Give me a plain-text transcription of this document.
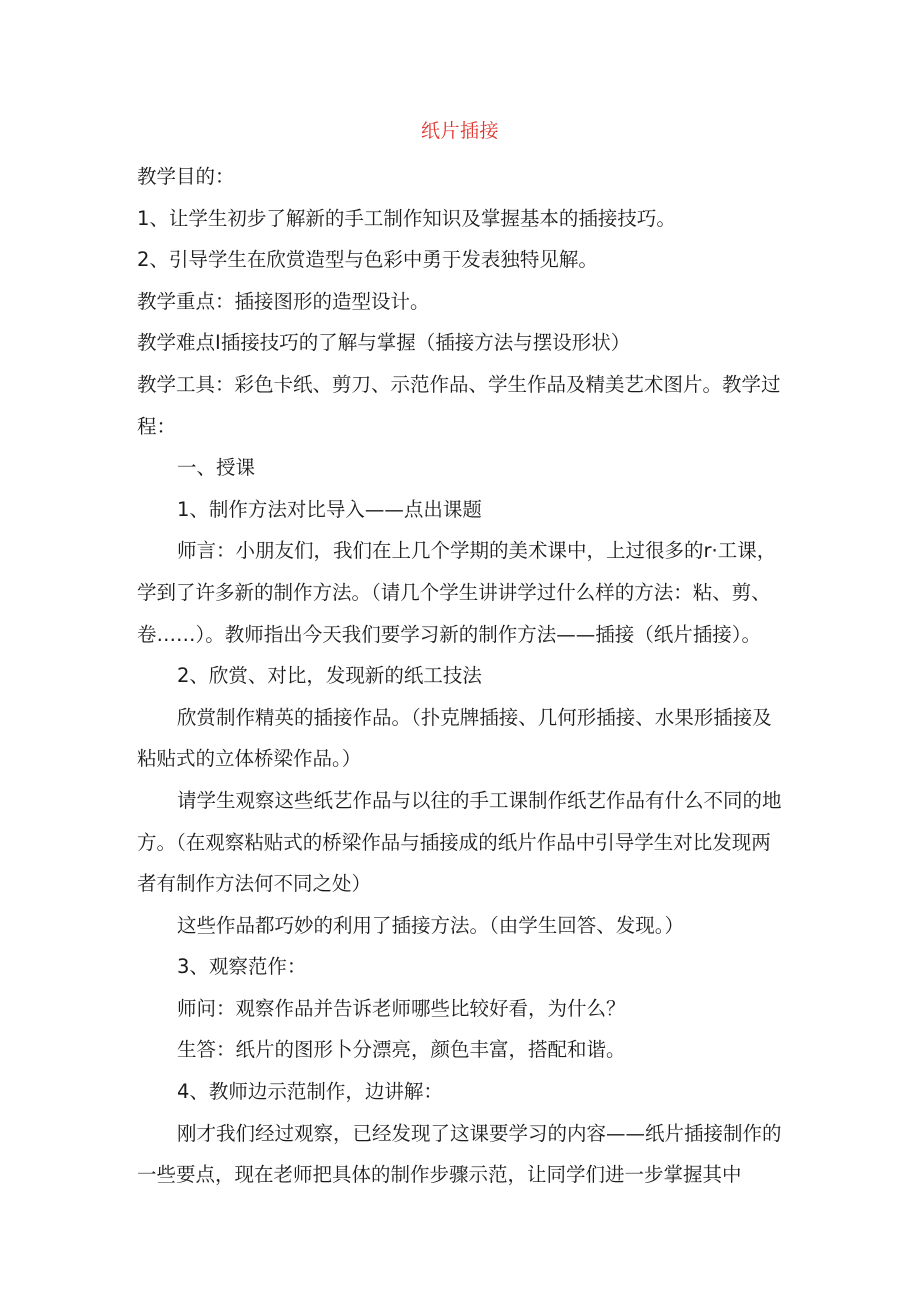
纸片插接

教学目的：

1、让学生初步了解新的手工制作知识及掌握基本的插接技巧。

2、引导学生在欣赏造型与色彩中勇于发表独特见解。

教学重点：插接图形的造型设计。

教学难点I插接技巧的了解与掌握（插接方法与摆设形状）

教学工具：彩色卡纸、剪刀、示范作品、学生作品及精美艺术图片。教学过程：

一、授课

1、制作方法对比导入——点出课题

师言：小朋友们，我们在上几个学期的美术课中，上过很多的r·工课，学到了许多新的制作方法。（请几个学生讲讲学过什么样的方法：粘、剪、卷……）。教师指出今天我们要学习新的制作方法——插接（纸片插接）。

2、欣赏、对比，发现新的纸工技法

欣赏制作精英的插接作品。（扑克牌插接、几何形插接、水果形插接及粘贴式的立体桥梁作品。）

请学生观察这些纸艺作品与以往的手工课制作纸艺作品有什么不同的地方。（在观察粘贴式的桥梁作品与插接成的纸片作品中引导学生对比发现两者有制作方法何不同之处）

这些作品都巧妙的利用了插接方法。（由学生回答、发现。）

3、观察范作：

师问：观察作品并告诉老师哪些比较好看，为什么？

生答：纸片的图形卜分漂亮，颜色丰富，搭配和谐。

4、教师边示范制作，边讲解：

刚才我们经过观察，已经发现了这课要学习的内容——纸片插接制作的一些要点，现在老师把具体的制作步骤示范，让同学们进一步掌握其中
